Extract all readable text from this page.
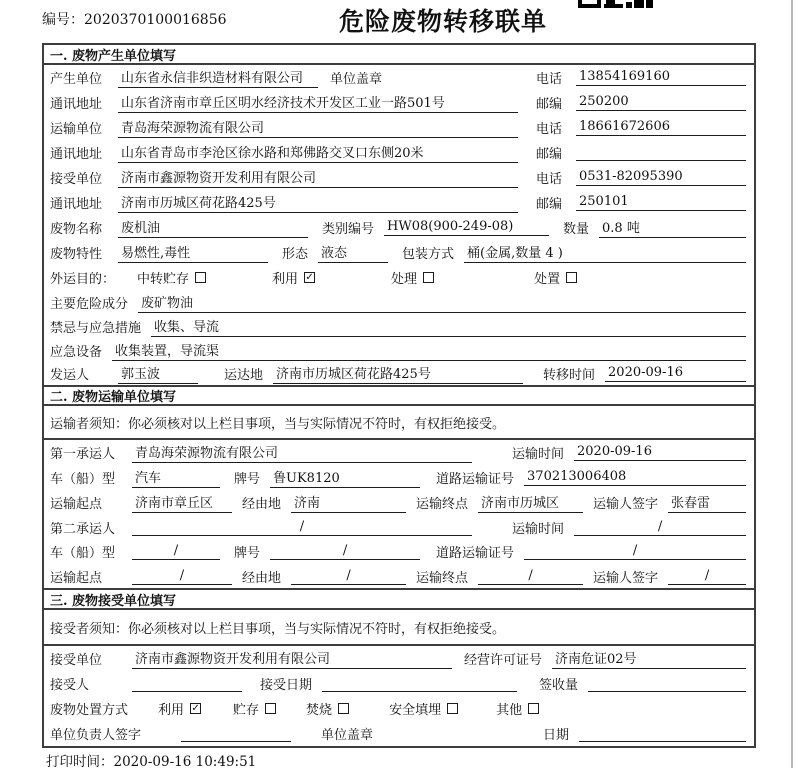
编号：2020370100016856	危险废物转移联单
一. 废物产生单位填写
产生单位	山东省永信非织造材料有限公司	单位盖章	电话	13854169160
通讯地址	山东省济南市章丘区明水经济技术开发区工业一路501号	邮编	250200
运输单位	青岛海荣源物流有限公司	电话	18661672606
通讯地址	山东省青岛市李沧区徐水路和郑佛路交叉口东侧20米	邮编
接受单位	济南市鑫源物资开发利用有限公司	电话	0531-82095390
通讯地址	济南市历城区荷花路425号	邮编	250101
废物名称	废机油	类别编号 HW08(900-249-08)	数量 0.8 吨
废物特性	易燃性,毒性	形态 液态	包装方式 桶(金属,数量 4 )
外运目的： 中转贮存	利用 ✓	处理	处置
主要危险成分 废矿物油
禁忌与应急措施 收集、导流
应急设备 收集装置，导流渠
发运人	郭玉波	运达地 济南市历城区荷花路425号	转移时间 2020-09-16
二. 废物运输单位填写
运输者须知：你必须核对以上栏目事项，当与实际情况不符时，有权拒绝接受。
第一承运人	青岛海荣源物流有限公司	运输时间 2020-09-16
车（船）型	汽车	牌号 鲁UK8120	道路运输证号 370213006408
运输起点	济南市章丘区	经由地 济南	运输终点 济南市历城区	运输人签字 张春雷
第二承运人	/	运输时间	/
车（船）型	/	牌号	/	道路运输证号	/
运输起点	/	经由地	/	运输终点	/	运输人签字	/
三. 废物接受单位填写
接受者须知：你必须核对以上栏目事项，当与实际情况不符时，有权拒绝接受。
接受单位	济南市鑫源物资开发利用有限公司	经营许可证号 济南危证02号
接受人	接受日期	签收量
废物处置方式 利用 ✓	贮存	焚烧	安全填埋	其他
单位负责人签字	单位盖章	日期
打印时间：2020-09-16 10:49:51
